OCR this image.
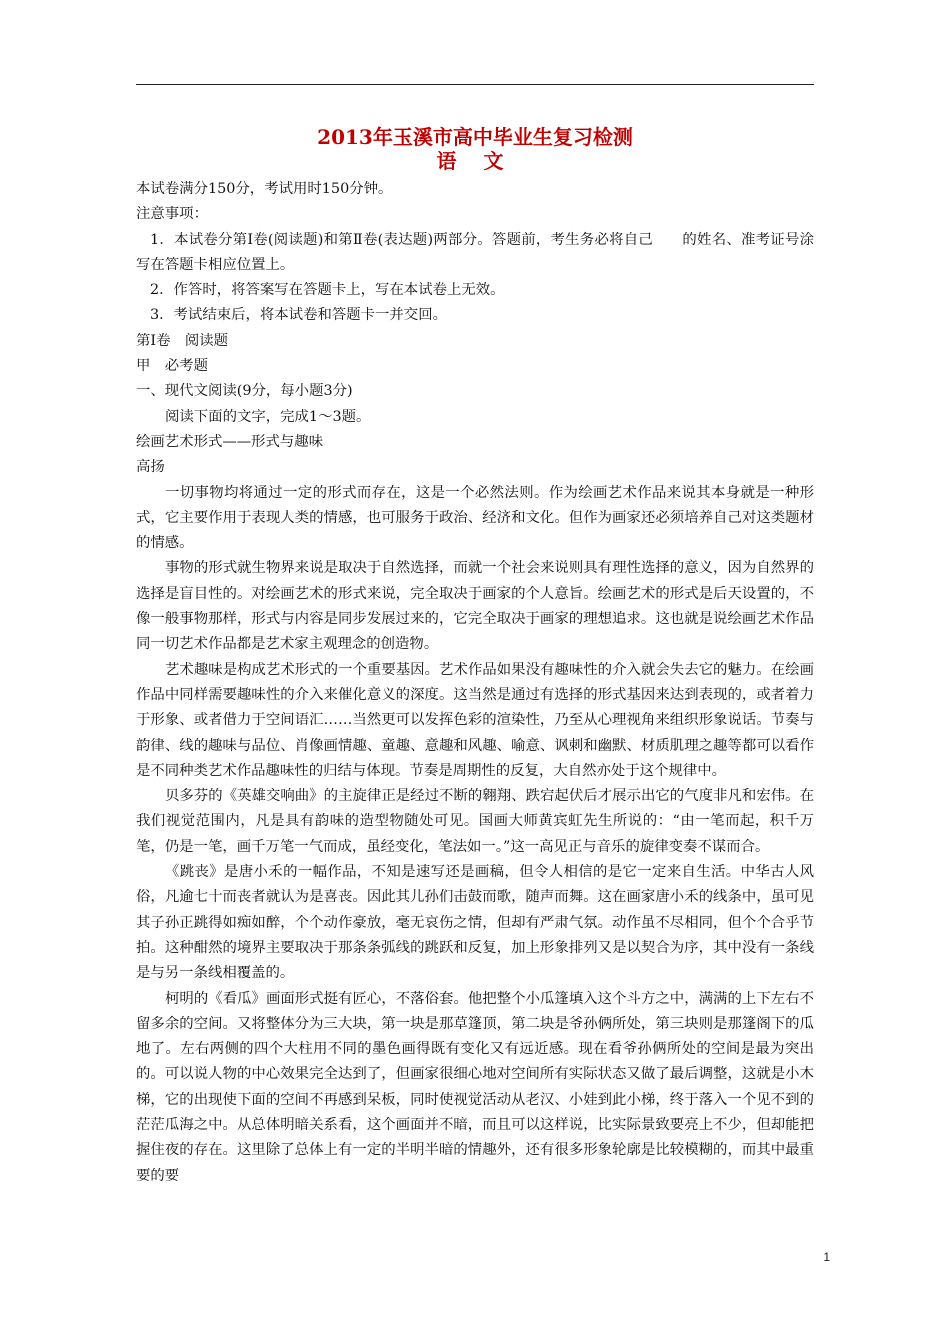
2013年玉溪市高中毕业生复习检测
语 文

本试卷满分150分，考试用时150分钟。

注意事项：

1．本试卷分第Ⅰ卷(阅读题)和第Ⅱ卷(表达题)两部分。答题前，考生务必将自己　　的姓名、准考证号涂写在答题卡相应位置上。

2．作答时，将答案写在答题卡上，写在本试卷上无效。

3．考试结束后，将本试卷和答题卡一并交回。

第Ⅰ卷　阅读题

甲　必考题

一、现代文阅读(9分，每小题3分)

阅读下面的文字，完成1～3题。

绘画艺术形式——形式与趣味

高扬

一切事物均将通过一定的形式而存在，这是一个必然法则。作为绘画艺术作品来说其本身就是一种形式，它主要作用于表现人类的情感，也可服务于政治、经济和文化。但作为画家还必须培养自己对这类题材的情感。

事物的形式就生物界来说是取决于自然选择，而就一个社会来说则具有理性选择的意义，因为自然界的选择是盲目性的。对绘画艺术的形式来说，完全取决于画家的个人意旨。绘画艺术的形式是后天设置的，不像一般事物那样，形式与内容是同步发展过来的，它完全取决于画家的理想追求。这也就是说绘画艺术作品同一切艺术作品都是艺术家主观理念的创造物。

艺术趣味是构成艺术形式的一个重要基因。艺术作品如果没有趣味性的介入就会失去它的魅力。在绘画作品中同样需要趣味性的介入来催化意义的深度。这当然是通过有选择的形式基因来达到表现的，或者着力于形象、或者借力于空间语汇……当然更可以发挥色彩的渲染性，乃至从心理视角来组织形象说话。节奏与韵律、线的趣味与品位、肖像画情趣、童趣、意趣和风趣、喻意、讽刺和幽默、材质肌理之趣等都可以看作是不同种类艺术作品趣味性的归结与体现。节奏是周期性的反复，大自然亦处于这个规律中。

贝多芬的《英雄交响曲》的主旋律正是经过不断的翱翔、跌宕起伏后才展示出它的气度非凡和宏伟。在我们视觉范围内，凡是具有韵味的造型物随处可见。国画大师黄宾虹先生所说的：“由一笔而起，积千万笔，仍是一笔，画千万笔一气而成，虽经变化，笔法如一。”这一高见正与音乐的旋律变奏不谋而合。

《跳丧》是唐小禾的一幅作品，不知是速写还是画稿，但令人相信的是它一定来自生活。中华古人风俗，凡逾七十而丧者就认为是喜丧。因此其儿孙们击鼓而歌，随声而舞。这在画家唐小禾的线条中，虽可见其子孙正跳得如痴如醉，个个动作豪放，毫无哀伤之情，但却有严肃气氛。动作虽不尽相同，但个个合乎节拍。这种酣然的境界主要取决于那条条弧线的跳跃和反复，加上形象排列又是以契合为序，其中没有一条线是与另一条线相覆盖的。

柯明的《看瓜》画面形式挺有匠心，不落俗套。他把整个小瓜篷填入这个斗方之中，满满的上下左右不留多余的空间。又将整体分为三大块，第一块是那草篷顶，第二块是爷孙俩所处，第三块则是那篷阁下的瓜地了。左右两侧的四个大柱用不同的墨色画得既有变化又有远近感。现在看爷孙俩所处的空间是最为突出的。可以说人物的中心效果完全达到了，但画家很细心地对空间所有实际状态又做了最后调整，这就是小木梯，它的出现使下面的空间不再感到呆板，同时使视觉活动从老汉、小娃到此小梯，终于落入一个见不到的茫茫瓜海之中。从总体明暗关系看，这个画面并不暗，而且可以这样说，比实际景致要亮上不少，但却能把握住夜的存在。这里除了总体上有一定的半明半暗的情趣外，还有很多形象轮廓是比较模糊的，而其中最重要的要

1
